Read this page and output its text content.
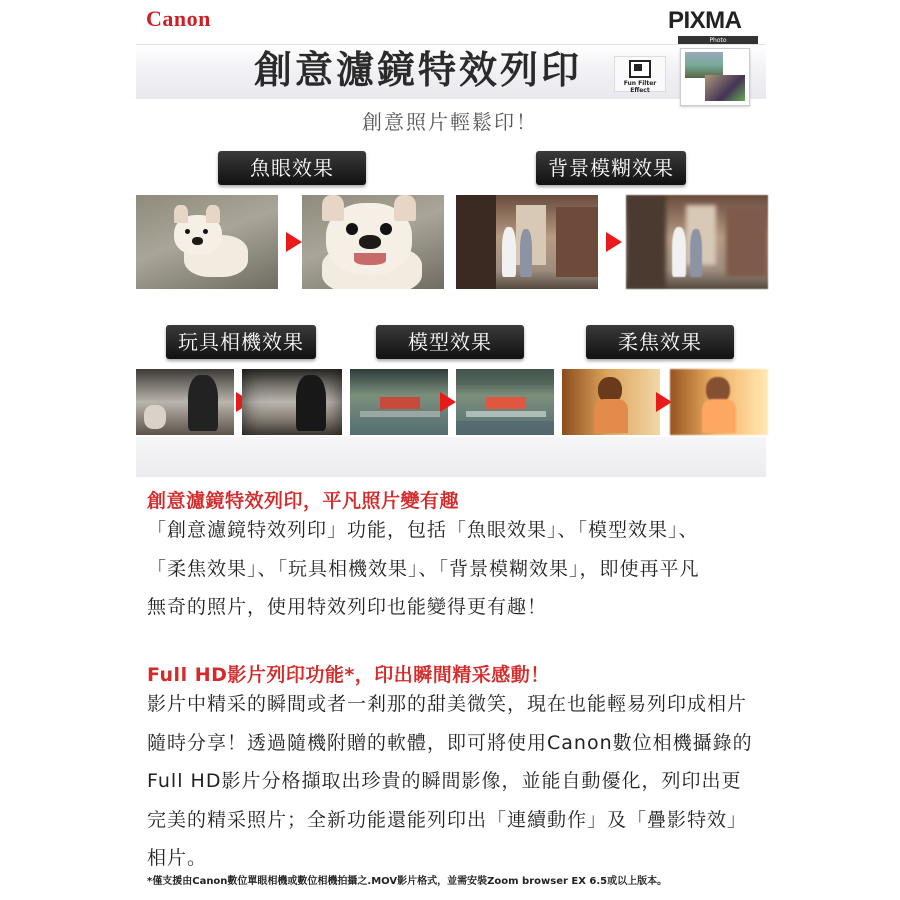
Canon	PIXMA
Photo
創意濾鏡特效列印	Fun Filter Effect
創意照片輕鬆印！
魚眼效果	背景模糊效果
玩具相機效果	模型效果	柔焦效果
創意濾鏡特效列印，平凡照片變有趣
「創意濾鏡特效列印」功能，包括「魚眼效果」、「模型效果」、
「柔焦效果」、「玩具相機效果」、「背景模糊效果」，即使再平凡
無奇的照片，使用特效列印也能變得更有趣！
Full HD影片列印功能*，印出瞬間精采感動！
影片中精采的瞬間或者一剎那的甜美微笑，現在也能輕易列印成相片
隨時分享！透過隨機附贈的軟體，即可將使用Canon數位相機攝錄的
Full HD影片分格擷取出珍貴的瞬間影像，並能自動優化，列印出更
完美的精采照片；全新功能還能列印出「連續動作」及「疊影特效」
相片。
*僅支援由Canon數位單眼相機或數位相機拍攝之.MOV影片格式，並需安裝Zoom browser EX 6.5或以上版本。
